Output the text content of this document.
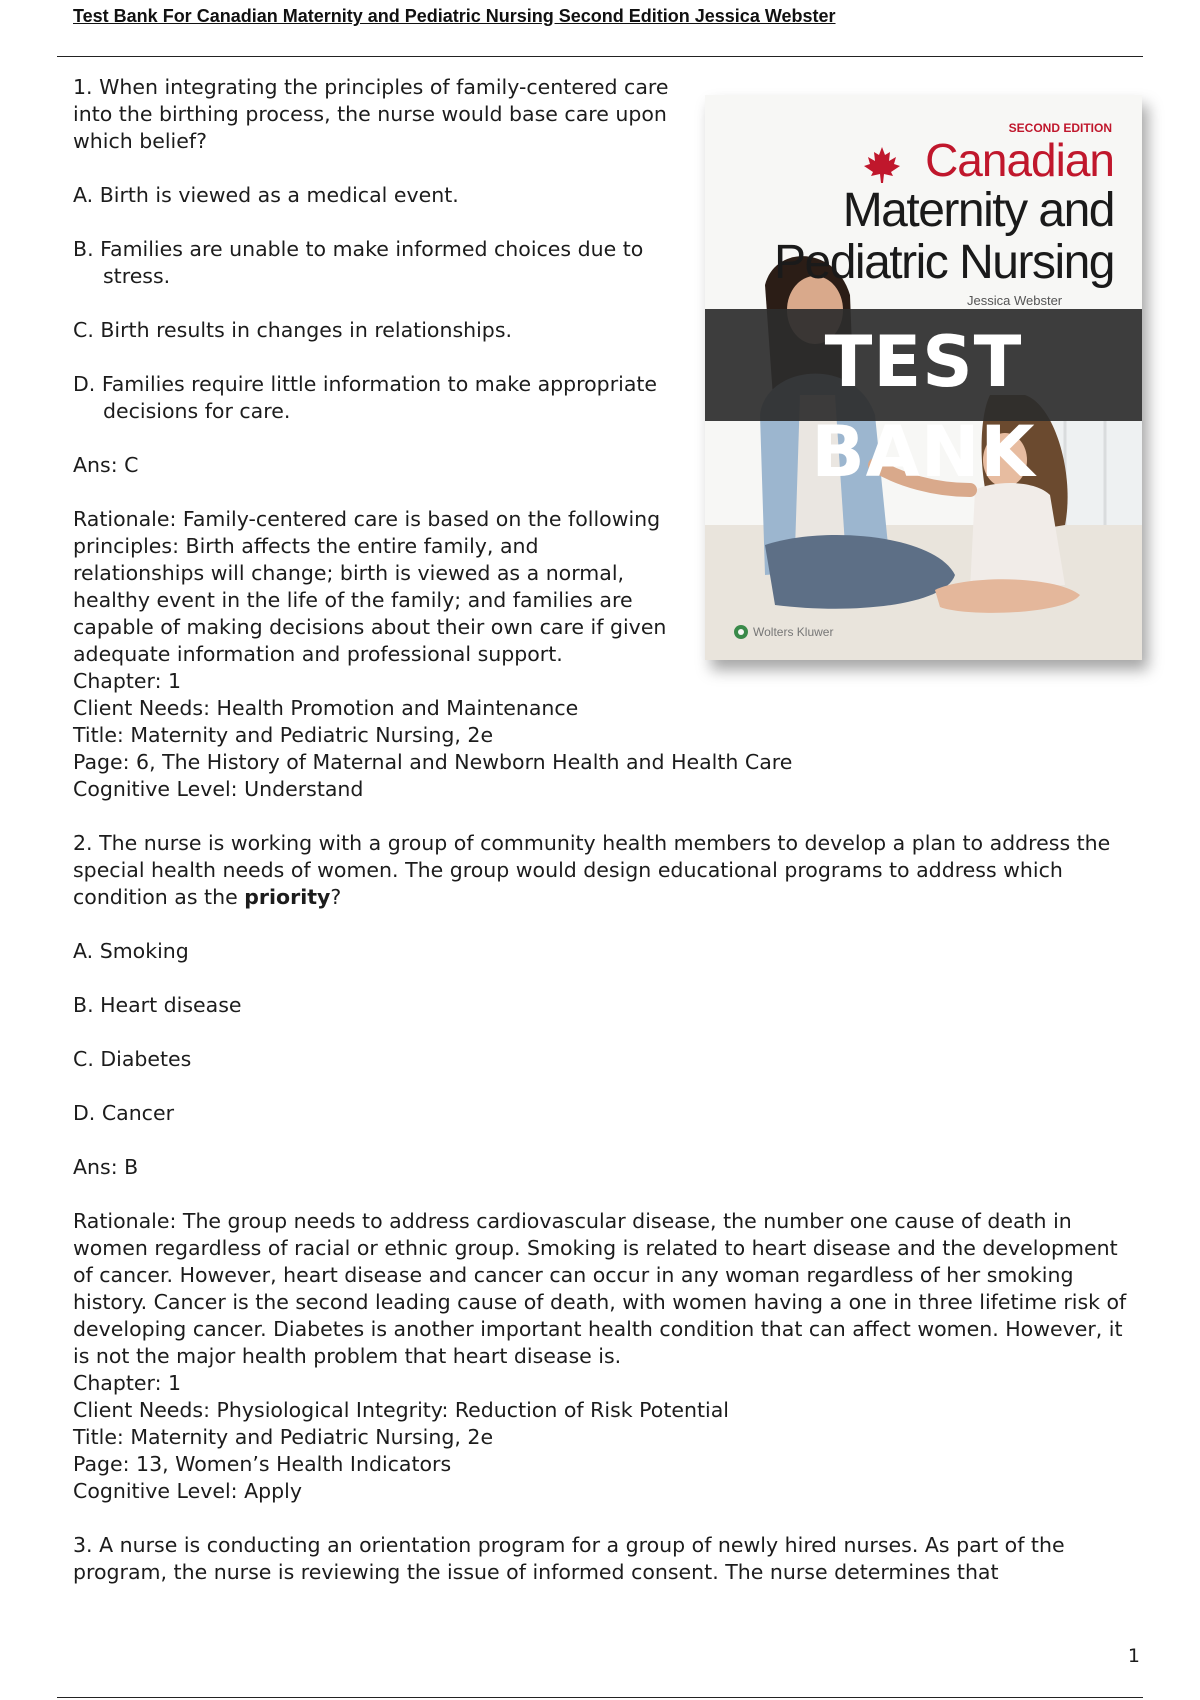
Test Bank For Canadian Maternity and Pediatric Nursing Second Edition Jessica Webster
SECOND EDITION
Canadian
Maternity and
Pediatric Nursing
Jessica Webster
TEST BANK
Wolters Kluwer

1. When integrating the principles of family-centered care into the birthing process, the nurse would base care upon which belief?

A. Birth is viewed as a medical event.

B. Families are unable to make informed choices due to stress.

C. Birth results in changes in relationships.

D. Families require little information to make appropriate decisions for care.

Ans: C

Rationale: Family-centered care is based on the following principles: Birth affects the entire family, and relationships will change; birth is viewed as a normal, healthy event in the life of the family; and families are capable of making decisions about their own care if given adequate information and professional support.

Chapter: 1

Client Needs: Health Promotion and Maintenance

Title: Maternity and Pediatric Nursing, 2e

Page: 6, The History of Maternal and Newborn Health and Health Care

Cognitive Level: Understand

2. The nurse is working with a group of community health members to develop a plan to address the special health needs of women. The group would design educational programs to address which condition as the priority?

A. Smoking

B. Heart disease

C. Diabetes

D. Cancer

Ans: B

Rationale: The group needs to address cardiovascular disease, the number one cause of death in women regardless of racial or ethnic group. Smoking is related to heart disease and the development of cancer. However, heart disease and cancer can occur in any woman regardless of her smoking history. Cancer is the second leading cause of death, with women having a one in three lifetime risk of developing cancer. Diabetes is another important health condition that can affect women. However, it is not the major health problem that heart disease is.

Chapter: 1

Client Needs: Physiological Integrity: Reduction of Risk Potential

Title: Maternity and Pediatric Nursing, 2e

Page: 13, Women’s Health Indicators

Cognitive Level: Apply

3. A nurse is conducting an orientation program for a group of newly hired nurses. As part of the program, the nurse is reviewing the issue of informed consent. The nurse determines that

1
